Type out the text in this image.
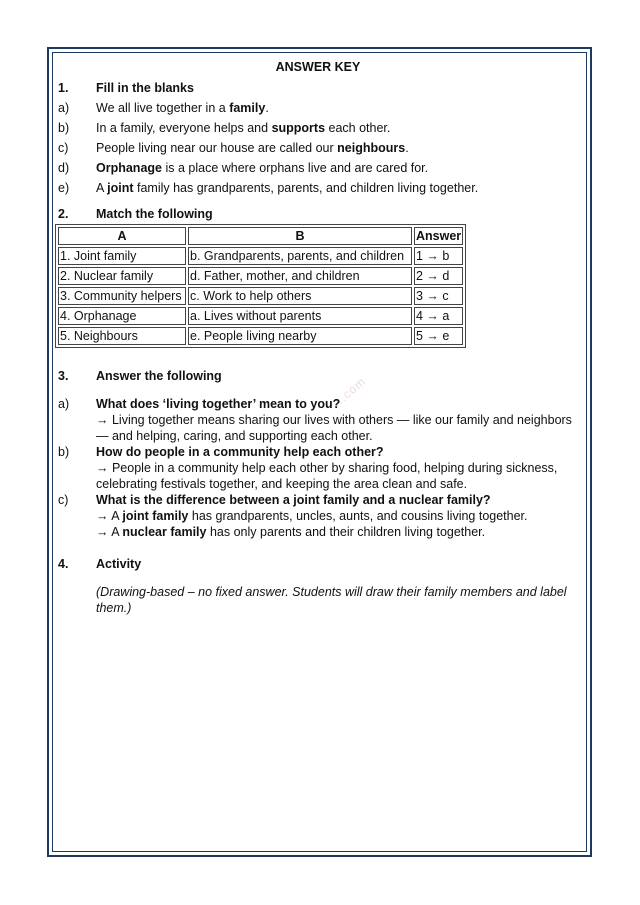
...com
ANSWER KEY
1.	Fill in the blanks
a)	We all live together in a family.
b)	In a family, everyone helps and supports each other.
c)	People living near our house are called our neighbours.
d)	Orphanage is a place where orphans live and are cared for.
e)	A joint family has grandparents, parents, and children living together.
2.	Match the following
A	B	Answer
1. Joint family	b. Grandparents, parents, and children	1 → b
2. Nuclear family	d. Father, mother, and children	2 → d
3. Community helpers	c. Work to help others	3 → c
4. Orphanage	a. Lives without parents	4 → a
5. Neighbours	e. People living nearby	5 → e
3.	Answer the following
a)	What does ‘living together’ mean to you?
→ Living together means sharing our lives with others — like our family and neighbors — and helping, caring, and supporting each other.
b)	How do people in a community help each other?
→ People in a community help each other by sharing food, helping during sickness, celebrating festivals together, and keeping the area clean and safe.
c)	What is the difference between a joint family and a nuclear family?
→ A joint family has grandparents, uncles, aunts, and cousins living together.
→ A nuclear family has only parents and their children living together.
4.	Activity
(Drawing-based – no fixed answer. Students will draw their family members and label them.)
